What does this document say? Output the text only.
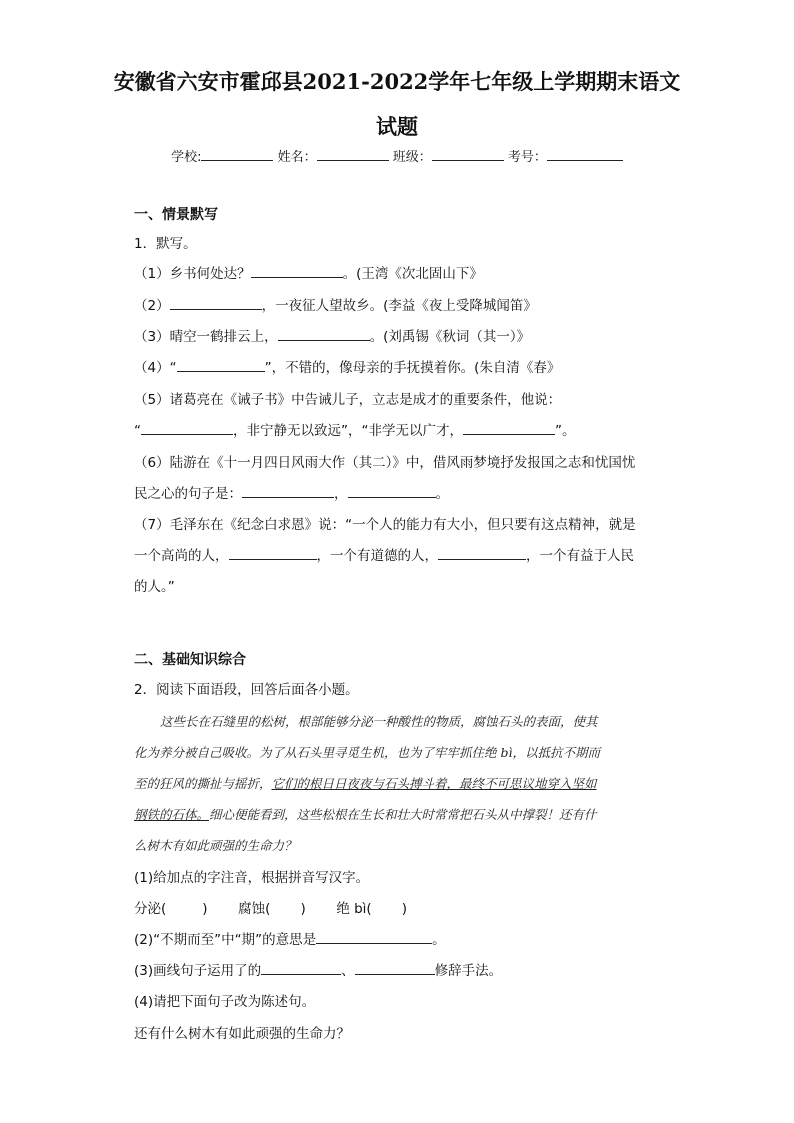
安徽省六安市霍邱县2021-2022学年七年级上学期期末语文
试题
学校:	姓名：	班级：	考号：
一、情景默写
1．默写。
（1）乡书何处达？	。(王湾《次北固山下》
（2）	，一夜征人望故乡。(李益《夜上受降城闻笛》
（3）晴空一鹤排云上，	。(刘禹锡《秋词（其一）》
（4）“	”，不错的，像母亲的手抚摸着你。(朱自清《春》
（5）诸葛亮在《诫子书》中告诫儿子，立志是成才的重要条件，他说：
“	，非宁静无以致远”，“非学无以广才，	”。
（6）陆游在《十一月四日风雨大作（其二）》中，借风雨梦境抒发报国之志和忧国忧
民之心的句子是：	，	。
（7）毛泽东在《纪念白求恩》说：“一个人的能力有大小，但只要有这点精神，就是
一个高尚的人，	，一个有道德的人，	，一个有益于人民
的人。”
二、基础知识综合
2．阅读下面语段，回答后面各小题。
这些长在石缝里的松树，根部能够分泌一种酸性的物质，腐蚀石头的表面，使其
化为养分被自己吸收。为了从石头里寻觅生机，也为了牢牢抓住绝 bì，以抵抗不期而
至的狂风的撕扯与摇折，它们的根日日夜夜与石头搏斗着，最终不可思议地穿入坚如
钢铁的石体。细心便能看到，这些松根在生长和壮大时常常把石头从中撑裂！还有什
么树木有如此顽强的生命力？
(1)给加点的字注音，根据拼音写汉字。
分泌(	) 腐蚀( ) 绝 bì( )
(2)“不期而至”中“期”的意思是	。
(3)画线句子运用了的	、	修辞手法。
(4)请把下面句子改为陈述句。
还有什么树木有如此顽强的生命力？
